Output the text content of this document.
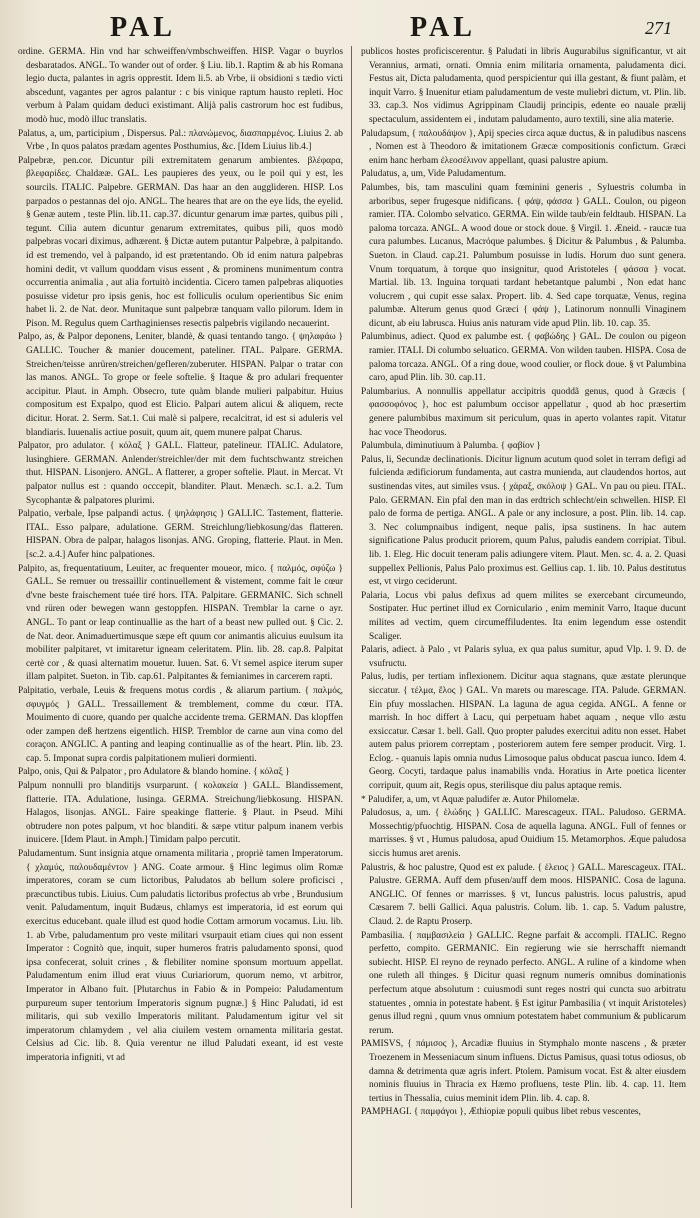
PAL	PAL	271

ordine. GERMA. Hin vnd har schweiffen/vmbschweiffen. HISP. Vagar o buyrlos desbaratados. ANGL. To wander out of order. § Liu. lib.1. Raptim & ab his Romana legio ducta, palantes in agris opprestit. Idem li.5. ab Vrbe, ii obsidioni s tædio victi abscedunt, vagantes per agros palantur : c bis vinique raptum hausto repleti. Hoc verbum à Palam quidam deduci existimant. Alijà palis castrorum hoc est fudibus, modò huc, modò illuc translatis.

Palatus, a, um, participium , Dispersus. Pal.: πλανώμενος, διασπαρμένος. Liuius 2. ab Vrbe , In quos palatos prædam agentes Posthumius, &c. [Idem Liuius lib.4.]

Palpebræ, pen.cor. Dicuntur pili extremitatem genarum ambientes. βλέφαρα, βλεφαρίδες. Chaldææ. GAL. Les paupieres des yeux, ou le poil qui y est, les sourcils. ITALIC. Palpebre. GERMAN. Das haar an den augglideren. HISP. Los parpados o pestannas del ojo. ANGL. The heares that are on the eye lids, the eyelid. § Genæ autem , teste Plin. lib.11. cap.37. dicuntur genarum imæ partes, quibus pili , tegunt. Cilia autem dicuntur genarum extremitates, quibus pili, quos modò palpebras vocari diximus, adhærent. § Dictæ autem putantur Palpebræ, à palpitando. id est tremendo, vel à palpando, id est prætentando. Ob id enim natura palpebras homini dedit, vt vallum quoddam visus essent , & prominens munimentum contra occurrentia animalia , aut alia fortuitò incidentia. Cicero tamen palpebras aliquoties posuisse videtur pro ipsis genis, hoc est folliculis oculum operientibus Sic enim habet li. 2. de Nat. deor. Munitaque sunt palpebræ tanquam vallo pilorum. Idem in Pison. M. Regulus quem Carthaginienses resectis palpebris vigilando necauerint.

Palpo, as, & Palpor deponens, Leniter, blandè, & quasi tentando tango. { ψηλαφάω } GALLIC. Toucher & manier doucement, pateliner. ITAL. Palpare. GERMA. Streichen/teisse anrüren/streichen/gefleren/zuberuter. HISPAN. Palpar o tratar con las manos. ANGL. To grope or feele softelie. § Itaque & pro adulari frequenter accipitur. Plaut. in Amph. Obsecro, tute quàm blande mulieri palpabitur. Huius compositum est Expalpo, quod est Elicio. Palpari autem alicui & aliquem, recte dicitur. Horat. 2. Serm. Sat.1. Cui malè si palpere, recalcitrat, id est si aduleris vel blandiaris. Iuuenalis actiue posuit, quum ait, quem munere palpat Charus.

Palpator, pro adulator. { κόλαξ } GALL. Flatteur, patelineur. ITALIC. Adulatore, lusinghiere. GERMAN. Anlender/streichler/der mit dem fuchtschwantz streichen thut. HISPAN. Lisonjero. ANGL. A flatterer, a groper softelie. Plaut. in Mercat. Vt palpator nullus est : quando occcepit, blanditer. Plaut. Menæch. sc.1. a.2. Tum Sycophantæ & palpatores plurimi.

Palpatio, verbale, Ipse palpandi actus. { ψηλάφησις } GALLIC. Tastement, flatterie. ITAL. Esso palpare, adulatione. GERM. Streichlung/liebkosung/das flatteren. HISPAN. Obra de palpar, halagos lisonjas. ANG. Groping, flatterie. Plaut. in Men. [sc.2. a.4.] Aufer hinc palpationes.

Palpito, as, frequentatiuum, Leuiter, ac frequenter moueor, mico. { παλμός, σφύζω } GALL. Se remuer ou tressaillir continuellement & vistement, comme fait le cœur d'vne beste fraischement tuée tiré hors. ITA. Palpitare. GERMANIC. Sich schnell vnd rüren oder bewegen wann gestoppfen. HISPAN. Tremblar la carne o ayr. ANGL. To pant or leap continuallie as the hart of a beast new pulled out. § Cic. 2. de Nat. deor. Animaduertimusque sæpe eft quum cor animantis alicuius euulsum ita mobiliter palpitaret, vt imitaretur igneam celeritatem. Plin. lib. 28. cap.8. Palpitat certè cor , & quasi alternatim mouetur. Iuuen. Sat. 6. Vt semel aspice iterum super illam palpitet. Sueton. in Tib. cap.61. Palpitantes & femianimes in carcerem rapti.

Palpitatio, verbale, Leuis & frequens motus cordis , & aliarum partium. { παλμός, σφυγμός } GALL. Tressaillement & tremblement, comme du cœur. ITA. Mouimento di cuore, quando per qualche accidente trema. GERMAN. Das klopffen oder zampen deß hertzens eigentlich. HISP. Tremblor de carne aun vina como del coraçon. ANGLIC. A panting and leaping continuallie as of the heart. Plin. lib. 23. cap. 5. Imponat supra cordis palpitationem mulieri dormienti.

Palpo, onis, Qui & Palpator , pro Adulatore & blando homine. { κόλαξ }

Palpum nonnulli pro blanditijs vsurparunt. { κολακεία } GALL. Blandissement, flatterie. ITA. Adulatione, lusinga. GERMA. Streichung/liebkosung. HISPAN. Halagos, lisonjas. ANGL. Faire speakinge flatterie. § Plaut. in Pseud. Mihi obtrudere non potes palpum, vt hoc blanditi. & sæpe vtitur palpum inanem verbis inuicere. [Idem Plaut. in Amph.] Timidam palpo percutit.

Paludamentum. Sunt insignia atque ornamenta militaria , propriè tamen Imperatorum. { χλαμύς, παλουδαμέντον } ANG. Coate armour. § Hinc legimus olim Romæ imperatores, coram se cum lictoribus, Paludatos ab bellum solere proficisci , præcunctibus tubis. Liuius. Cum paludatis lictoribus profectus ab vrbe , Brundusium venit. Paludamentum, inquit Budæus, chlamys est imperatoria, id est eorum qui exercitus educebant. quale illud est quod hodie Cottam armorum vocamus. Liu. lib. 1. ab Vrbe, paludamentum pro veste militari vsurpauit etiam ciues qui non essent Imperator : Cognitò que, inquit, super humeros fratris paludamento sponsi, quod ipsa confecerat, soluit crines , & flebiliter nomine sponsum mortuum appellat. Paludamentum enim illud erat viuus Curiariorum, quorum nemo, vt arbitror, Imperator in Albano fuit. [Plutarchus in Fabio & in Pompeio: Paludamentum purpureum super tentorium Imperatoris signum pugnæ.] § Hinc Paludati, id est militaris, qui sub vexillo Imperatoris militant. Paludamentum igitur vel sit imperatorum chlamydem , vel alia ciuilem vestem ornamenta militaria gestat. Celsius ad Cic. lib. 8. Quia verentur ne illud Paludati exeant, id est veste imperatoria infigniti, vt ad

publicos hostes proficiscerentur. § Paludati in libris Augurabilus significantur, vt ait Verannius, armati, ornati. Omnia enim militaria ornamenta, paludamenta dici. Festus ait, Dicta paludamenta, quod perspicientur qui illa gestant, & fiunt palàm, et inquit Varro. § Inuenitur etiam paludamentum de veste muliebri dictum, vt. Plin. lib. 33. cap.3. Nos vidimus Agrippinam Claudij principis, edente eo nauale prælij spectaculum, assidentem ei , indutam paludamento, auro textili, sine alia materie.

Paludapsum, { παλουδάψον }, Apij species circa aquæ ductus, & in paludibus nascens , Nomen est à Theodoro & imitationem Græcæ compositionis confictum. Græci enim hanc herbam ἐλεοσέλινον appellant, quasi palustre apium.

Paludatus, a, um, Vide Paludamentum.

Palumbes, bis, tam masculini quam fœminini generis , Syluestris columba in arboribus, seper frugesque nidificans. { φάψ, φάσσα } GALL. Coulon, ou pigeon ramier. ITA. Colombo selvatico. GERMA. Ein wilde taub/ein feldtaub. HISPAN. La paloma torcaza. ANGL. A wood doue or stock doue. § Virgil. 1. Æneid. - raucæ tua cura palumbes. Lucanus, Macrόque palumbes. § Dicitur & Palumbus , & Palumba. Sueton. in Claud. cap.21. Palumbum posuisse in ludis. Horum duo sunt genera. Vnum torquatum, à torque quo insignitur, quod Aristoteles { φάσσα } vocat. Martial. lib. 13. Inguina torquati tardant hebetantque palumbi , Non edat hanc volucrem , qui cupit esse salax. Propert. lib. 4. Sed cape torquatæ, Venus, regina palumbæ. Alterum genus quod Græci { φάψ }, Latinorum nonnulli Vinaginem dicunt, ab eiu labrusca. Huius anis naturam vide apud Plin. lib. 10. cap. 35.

Palumbinus, adiect. Quod ex palumbe est. { φαβώδης } GAL. De coulon ou pigeon ramier. ITALI. Di columbo seluatico. GERMA. Von wilden tauben. HISPA. Cosa de paloma torcaza. ANGL. Of a ring doue, wood coulier, or flock doue. § vt Palumbina caro, apud Plin. lib. 30. cap.11.

Palumbarius. A nonnullis appellatur accipitris quoddã genus, quod à Græcis { φασσοφόνος }, hoc est palumbum occisor appellatur , quod ab hoc præsertim genere palumbibus maximum sit periculum, quas in aperto volantes rapit. Vitatur hac voce Theodorus.

Palumbula, diminutiuum à Palumba. { φαβίον }

Palus, li, Secundæ declinationis. Dicitur lignum acutum quod solet in terram defigi ad fulcienda ædificiorum fundamenta, aut castra munienda, aut claudendos hortos, aut sustinendas vites, aut similes vsus. { χάραξ, σκόλοψ } GAL. Vn pau ou pieu. ITAL. Palo. GERMAN. Ein pfal den man in das erdtrich schlecht/ein schwellen. HISP. El palo de forma de pertiga. ANGL. A pale or any inclosure, a post. Plin. lib. 14. cap. 3. Nec columpnaibus indigent, neque palis, ipsa sustinens. In hac autem significatione Palus producit priorem, quum Palus, paludis eandem corripiat. Tibul. lib. 1. Eleg. Hic docuit teneram palis adiungere vitem. Plaut. Men. sc. 4. a. 2. Quasi suppellex Pellionis, Palus Palo proximus est. Gellius cap. 1. lib. 10. Palus destitutus est, vt virgo ceciderunt.

Palaria, Locus vbi palus defixus ad quem milites se exercebant circumeundo, Sostipater. Huc pertinet illud ex Corniculario , enim meminit Varro, Itaque ducunt milites ad vectim, quem circumeffiludentes. Ita enim legendum esse ostendit Scaliger.

Palaris, adiect. à Palo , vt Palaris sylua, ex qua palus sumitur, apud Vlp. l. 9. D. de vsufructu.

Palus, ludis, per tertiam inflexionem. Dicitur aqua stagnans, quæ æstate plerunque siccatur. { τέλμα, ἕλος } GAL. Vn marets ou marescage. ITA. Palude. GERMAN. Ein pfuy mosslachen. HISPAN. La laguna de agua cegida. ANGL. A fenne or marrish. In hoc differt à Lacu, qui perpetuam habet aquam , neque vllo æstu exsiccatur. Cæsar 1. bell. Gall. Quo propter paludes exercitui aditu non esset. Habet autem palus priorem correptam , posteriorem autem fere semper producit. Virg. 1. Eclog. - quanuis lapis omnia nudus Limosoque palus obducat pascua iunco. Idem 4. Georg. Cocyti, tardaque palus inamabilis vnda. Horatius in Arte poetica licenter corripuit, quum ait, Regis opus, sterilisque diu palus aptaque remis.

* Paludifer, a, um, vt Aquæ paludifer æ. Autor Philomelæ.

Paludosus, a, um. { ἑλώδης } GALLIC. Marescageux. ITAL. Paludoso. GERMA. Mossechtig/pfuochtig. HISPAN. Cosa de aquella laguna. ANGL. Full of fennes or marrisses. § vt , Humus paludosa, apud Ouidium 15. Metamorphos. Æque paludosa siccis humus aret arenis.

Palustris, & hoc palustre, Quod est ex palude. { ἑλειος } GALL. Marescageux. ITAL. Palustre. GERMA. Auff dem pfusen/auff dem moos. HISPANIC. Cosa de laguna. ANGLIC. Of fennes or marrisses. § vt, Iuncus palustris. locus palustris, apud Cæsarem 7. belli Gallici. Aqua palustris. Colum. lib. 1. cap. 5. Vadum palustre, Claud. 2. de Raptu Proserp.

Pambasilia. { παμβασιλεία } GALLIC. Regne parfait & accompli. ITALIC. Regno perfetto, compito. GERMANIC. Ein regierung wie sie herrschafft niemandt subiecht. HISP. El reyno de reynado perfecto. ANGL. A ruline of a kindome when one ruleth all thinges. § Dicitur quasi regnum numeris omnibus dominationis perfectum atque absolutum : cuiusmodi sunt reges nostri qui cuncta suo arbitratu statuentes , omnia in potestate habent. § Est igitur Pambasilia ( vt inquit Aristoteles) genus illud regni , quum vnus omnium potestatem habet communium & publicarum rerum.

PAMISVS, { πάμισος }, Arcadiæ fluuius in Stymphalo monte nascens , & præter Troezenem in Messeniacum sinum influens. Dictus Pamisus, quasi totus odiosus, ob damna & detrimenta quæ agris infert. Ptolem. Pamisum vocat. Est & alter eiusdem nominis fluuius in Thracia ex Hæmo profluens, teste Plin. lib. 4. cap. 11. Item tertius in Thessalia, cuius meminit idem Plin. lib. 4. cap. 8.

PAMPHAGI. { παμφάγοι }, Æthiopiæ populi quibus libet rebus vescentes,
